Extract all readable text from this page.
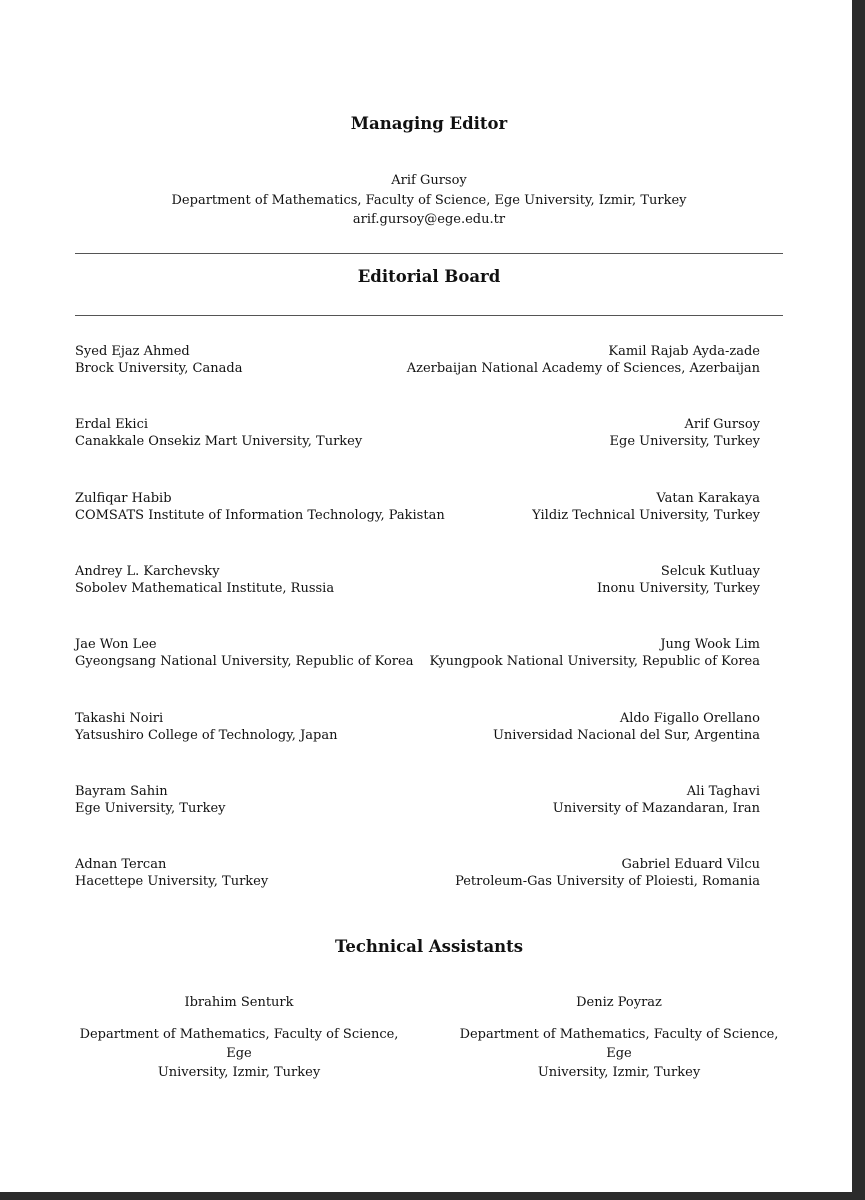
Managing Editor
Arif Gursoy
Department of Mathematics, Faculty of Science, Ege University, Izmir, Turkey
arif.gursoy@ege.edu.tr
Editorial Board
Syed Ejaz Ahmed
Brock University, Canada
Erdal Ekici
Canakkale Onsekiz Mart University, Turkey
Zulfiqar Habib
COMSATS Institute of Information Technology, Pakistan
Andrey L. Karchevsky
Sobolev Mathematical Institute, Russia
Jae Won Lee
Gyeongsang National University, Republic of Korea
Takashi Noiri
Yatsushiro College of Technology, Japan
Bayram Sahin
Ege University, Turkey
Adnan Tercan
Hacettepe University, Turkey
Kamil Rajab Ayda-zade
Azerbaijan National Academy of Sciences, Azerbaijan
Arif Gursoy
Ege University, Turkey
Vatan Karakaya
Yildiz Technical University, Turkey
Selcuk Kutluay
Inonu University, Turkey
Jung Wook Lim
Kyungpook National University, Republic of Korea
Aldo Figallo Orellano
Universidad Nacional del Sur, Argentina
Ali Taghavi
University of Mazandaran, Iran
Gabriel Eduard Vilcu
Petroleum-Gas University of Ploiesti, Romania
Technical Assistants
Ibrahim Senturk
Department of Mathematics, Faculty of Science, Ege
University, Izmir, Turkey
Deniz Poyraz
Department of Mathematics, Faculty of Science, Ege
University, Izmir, Turkey
